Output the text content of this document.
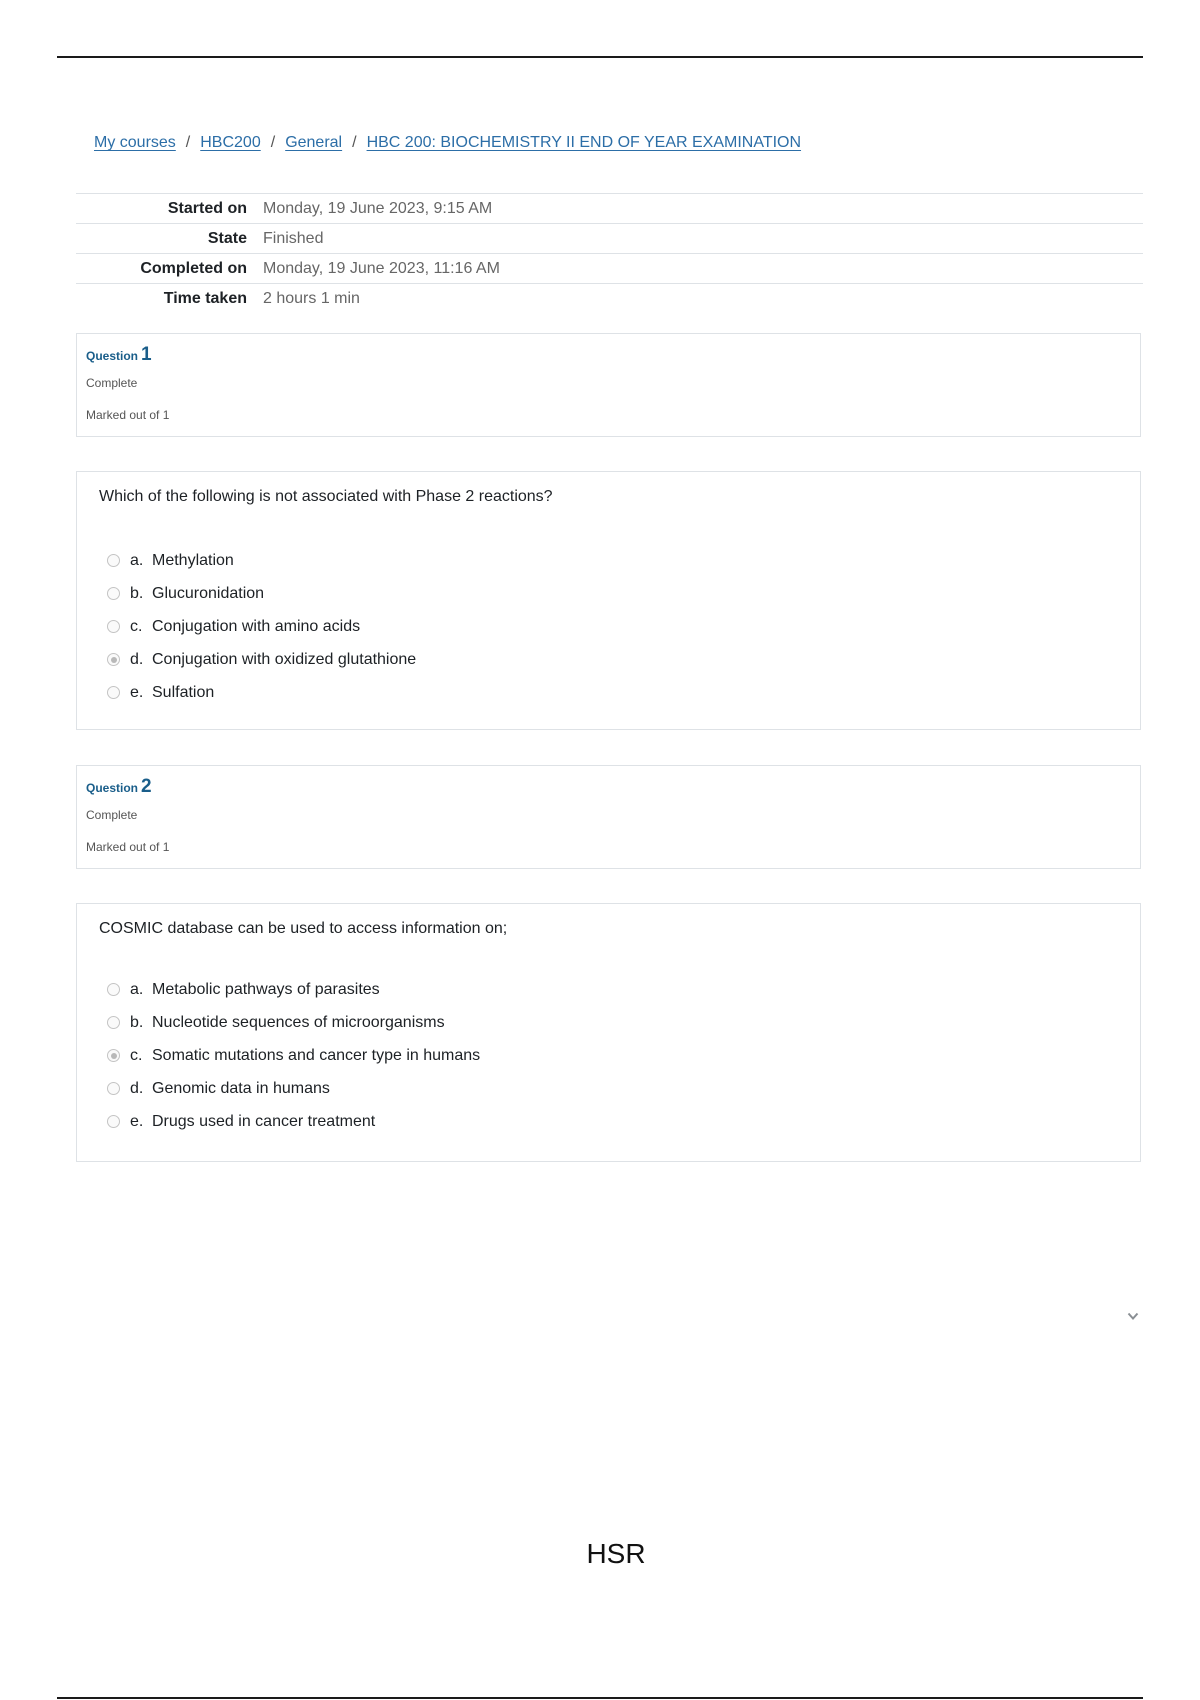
My courses / HBC200 / General / HBC 200: BIOCHEMISTRY II END OF YEAR EXAMINATION
Started on	Monday, 19 June 2023, 9:15 AM
State	Finished
Completed on	Monday, 19 June 2023, 11:16 AM
Time taken	2 hours 1 min
Question 1
Complete
Marked out of 1
Which of the following is not associated with Phase 2 reactions?
a. Methylation
b. Glucuronidation
c. Conjugation with amino acids
d. Conjugation with oxidized glutathione
e. Sulfation
Question 2
Complete
Marked out of 1
COSMIC database can be used to access information on;
a. Metabolic pathways of parasites
b. Nucleotide sequences of microorganisms
c. Somatic mutations and cancer type in humans
d. Genomic data in humans
e. Drugs used in cancer treatment
HSR
